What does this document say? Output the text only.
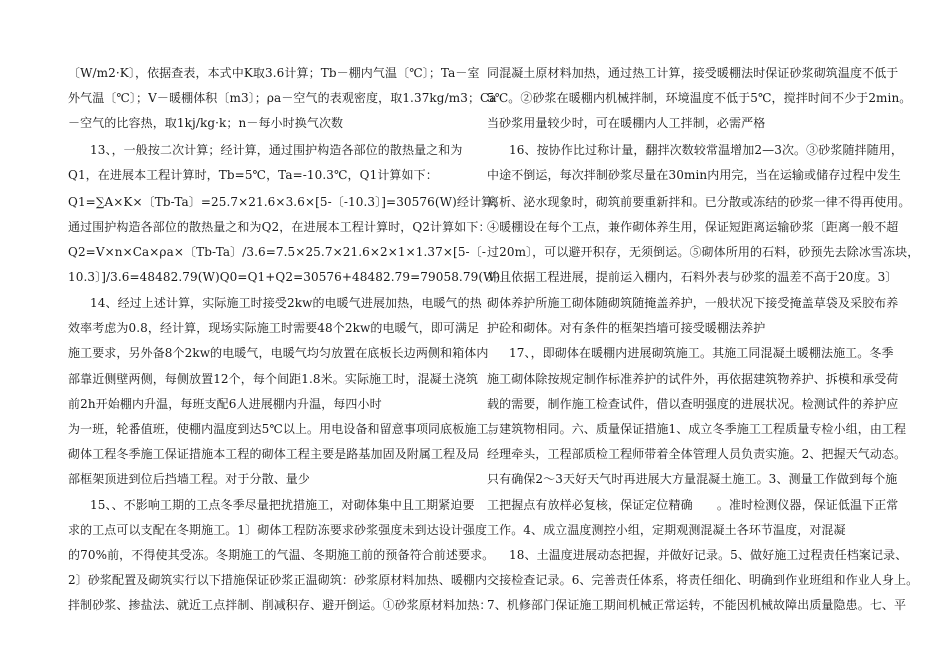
〔W/m2·K〕，依据查表，本式中K取3.6计算；Tb－棚内气温〔℃〕；Ta－室
外气温〔℃〕；V－暖棚体积〔m3〕；ρa－空气的表观密度，取1.37kg/m3；Ca
－空气的比容热，取1kj/kg·k；n－每小时换气次数
13、，一般按二次计算；经计算，通过围护构造各部位的散热量之和为
Q1，在进展本工程计算时，Tb=5℃，Ta=-10.3℃，Q1计算如下：
Q1=∑A×K×〔Tb-Ta〕=25.7×21.6×3.6×[5-〔-10.3〕]=30576(W)经计算，
通过围护构造各部位的散热量之和为Q2，在进展本工程计算时，Q2计算如下：
Q2=V×n×Ca×ρa×〔Tb-Ta〕/3.6=7.5×25.7×21.6×2×1×1.37×[5-〔-
10.3〕]/3.6=48482.79(W)Q0=Q1+Q2=30576+48482.79=79058.79(W)
14、经过上述计算，实际施工时接受2kw的电暖气进展加热，电暖气的热
效率考虑为0.8，经计算，现场实际施工时需要48个2kw的电暖气，即可满足
施工要求，另外备8个2kw的电暖气，电暖气均匀放置在底板长边两侧和箱体内
部靠近侧壁两侧，每侧放置12个，每个间距1.8米。实际施工时，混凝土浇筑
前2h开始棚内升温，每班支配6人进展棚内升温，每四小时
为一班，轮番值班，使棚内温度到达5℃以上。用电设备和留意事项同底板施工。
砌体工程冬季施工保证措施本工程的砌体工程主要是路基加固及附属工程及局
部框架顶进到位后挡墙工程。对于分散、量少
15、、不影响工期的工点冬季尽量把扰措施工，对砌体集中且工期紧迫要
求的工点可以支配在冬期施工。1〕砌体工程防冻要求砂浆强度未到达设计强度
的70%前，不得使其受冻。冬期施工的气温、冬期施工前的预备符合前述要求。
2〕砂浆配置及砌筑实行以下措施保证砂浆正温砌筑：砂浆原材料加热、暖棚内
拌制砂浆、掺盐法、就近工点拌制、削减积存、避开倒运。①砂浆原材料加热：
同混凝土原材料加热，通过热工计算，接受暖棚法时保证砂浆砌筑温度不低于
5℃。②砂浆在暖棚内机械拌制，环境温度不低于5℃，搅拌时间不少于2min。
当砂浆用量较少时，可在暖棚内人工拌制，必需严格
16、按协作比过称计量，翻拌次数较常温增加2—3次。③砂浆随拌随用，
中途不倒运，每次拌制砂浆尽量在30min内用完，当在运输或储存过程中发生
离析、泌水现象时，砌筑前要重新拌和。已分散或冻结的砂浆一律不得再使用。
④暖棚设在每个工点，兼作砌体养生用，保证短距离运输砂浆〔距离一般不超
过20m〕，可以避开积存，无须倒运。⑤砌体所用的石料，砂预先去除冰雪冻块，
并且依据工程进展，提前运入棚内，石料外表与砂浆的温差不高于20度。3〕
砌体养护所施工砌体随砌筑随掩盖养护，一般状况下接受掩盖草袋及采胶布养
护砼和砌体。对有条件的框架挡墙可接受暖棚法养护
17、，即砌体在暖棚内进展砌筑施工。其施工同混凝土暖棚法施工。冬季
施工砌体除按规定制作标准养护的试件外，再依据建筑物养护、拆模和承受荷
载的需要，制作施工检查试件，借以查明强度的进展状况。检测试件的养护应
与建筑物相同。六、质量保证措施1、成立冬季施工工程质量专检小组，由工程
经理牵头，工程部质检工程师带着全体管理人员负责实施。2、把握天气动态。
只有确保2～3天好天气时再进展大方量混凝土施工。3、测量工作做到每个施
工把握点有放样必复核，保证定位精确　　。准时检测仪器，保证低温下正常
工作。4、成立温度测控小组，定期观测混凝土各环节温度，对混凝
18、土温度进展动态把握，并做好记录。5、做好施工过程责任档案记录、
交接检查记录。6、完善责任体系，将责任细化、明确到作业班组和作业人身上。
7、机修部门保证施工期间机械正常运转，不能因机械故障出质量隐患。七、平
